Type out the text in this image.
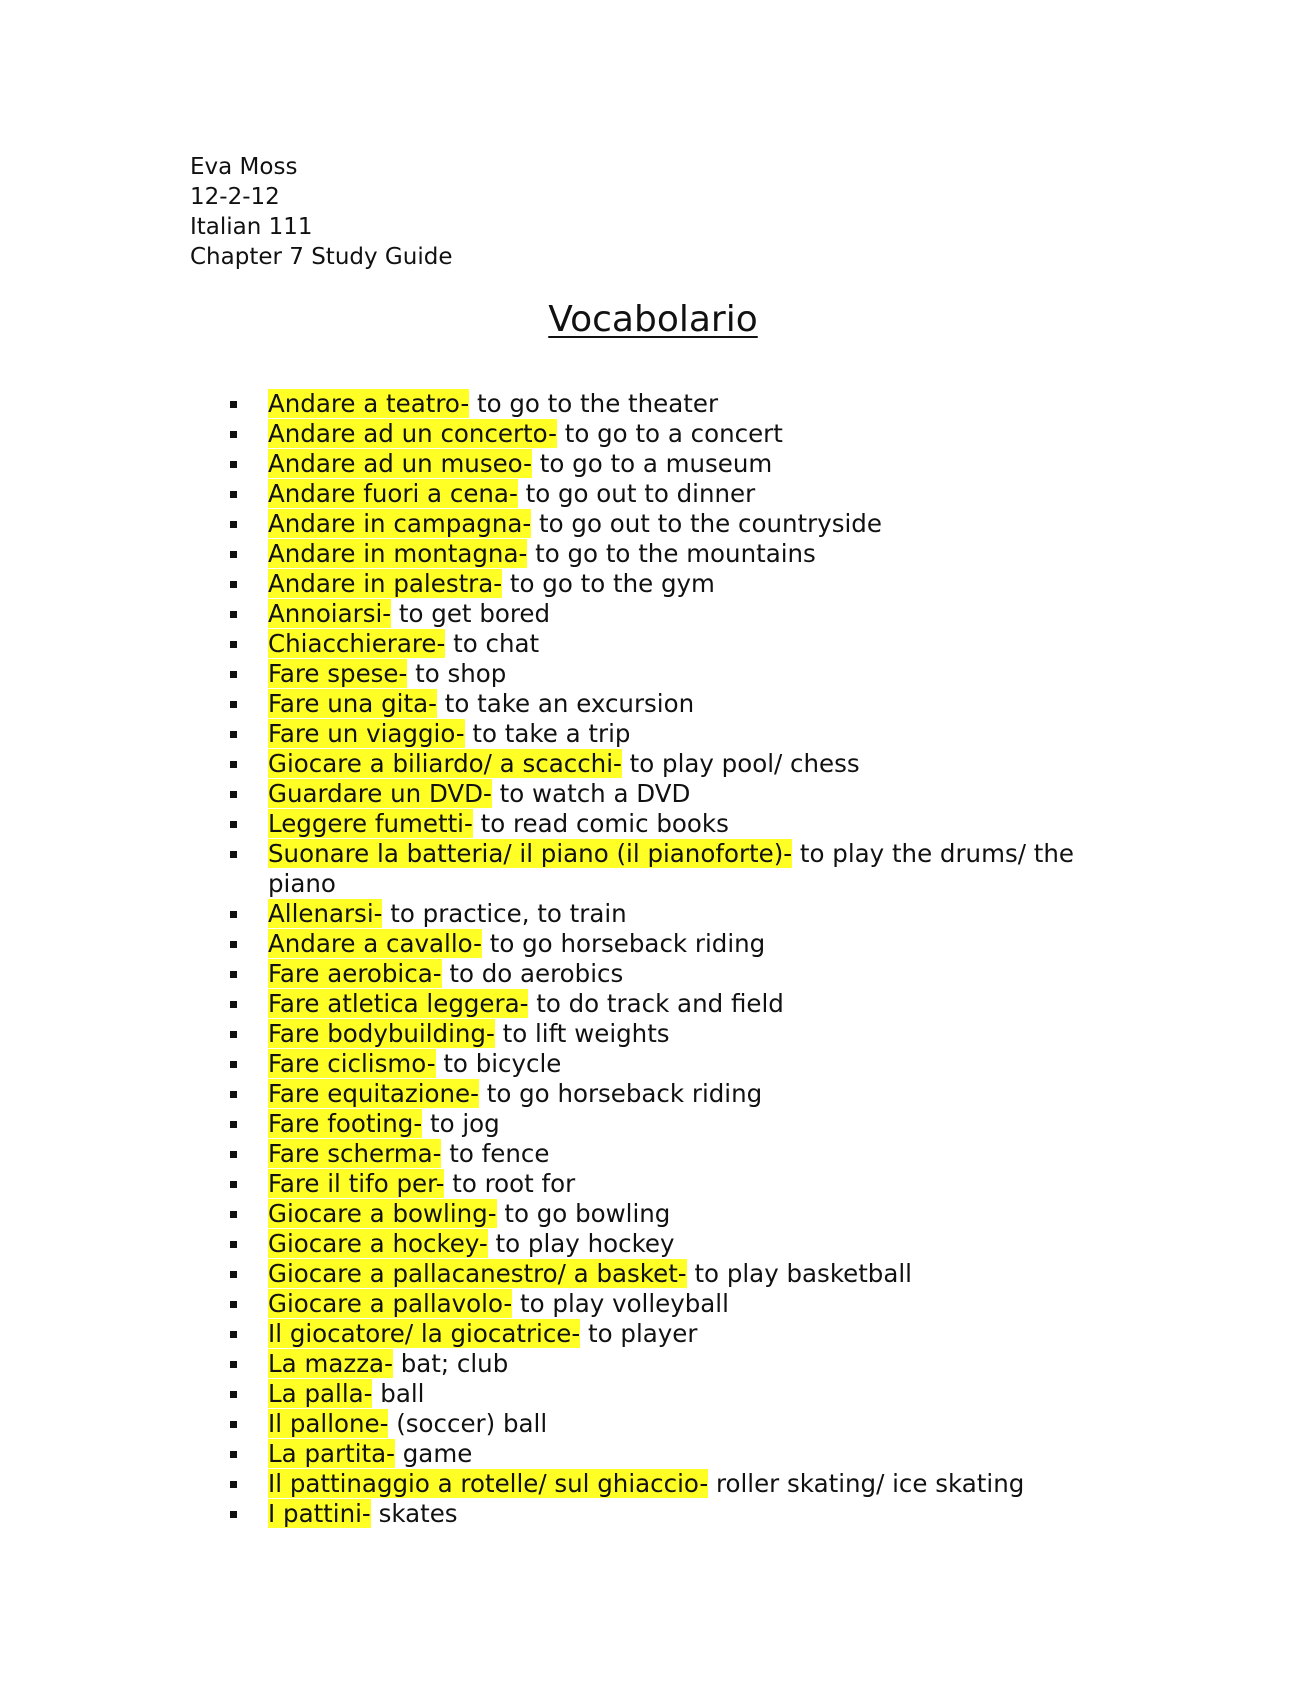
Eva Moss
12-2-12
Italian 111
Chapter 7 Study Guide
Vocabolario
Andare a teatro- to go to the theater
Andare ad un concerto- to go to a concert
Andare ad un museo- to go to a museum
Andare fuori a cena- to go out to dinner
Andare in campagna- to go out to the countryside
Andare in montagna- to go to the mountains
Andare in palestra- to go to the gym
Annoiarsi- to get bored
Chiacchierare- to chat
Fare spese- to shop
Fare una gita- to take an excursion
Fare un viaggio- to take a trip
Giocare a biliardo/ a scacchi- to play pool/ chess
Guardare un DVD- to watch a DVD
Leggere fumetti- to read comic books
Suonare la batteria/ il piano (il pianoforte)- to play the drums/ the piano
Allenarsi- to practice, to train
Andare a cavallo- to go horseback riding
Fare aerobica- to do aerobics
Fare atletica leggera- to do track and field
Fare bodybuilding- to lift weights
Fare ciclismo- to bicycle
Fare equitazione- to go horseback riding
Fare footing- to jog
Fare scherma- to fence
Fare il tifo per- to root for
Giocare a bowling- to go bowling
Giocare a hockey- to play hockey
Giocare a pallacanestro/ a basket- to play basketball
Giocare a pallavolo- to play volleyball
Il giocatore/ la giocatrice- to player
La mazza- bat; club
La palla- ball
Il pallone- (soccer) ball
La partita- game
Il pattinaggio a rotelle/ sul ghiaccio- roller skating/ ice skating
I pattini- skates
